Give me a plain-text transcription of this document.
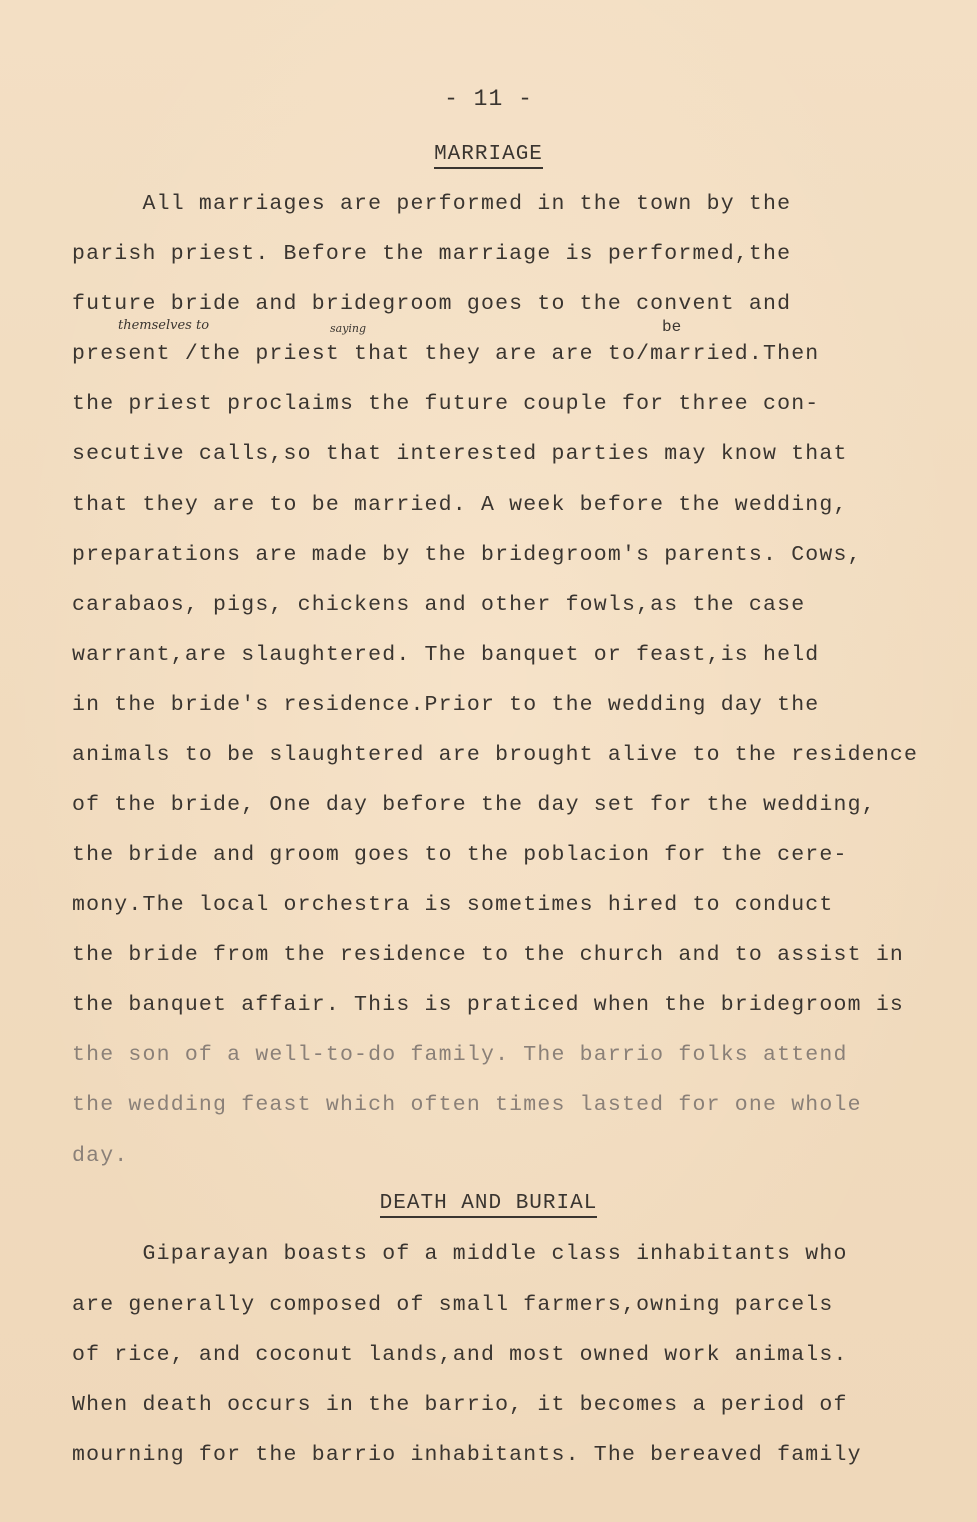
- 11 -
MARRIAGE
All marriages are performed in the town by the
parish priest. Before the marriage is performed,the
future bride and bridegroom goes to the convent and
themselves to	saying	be
present /the priest that they are are to/married.Then
the priest proclaims the future couple for three con-
secutive calls,so that interested parties may know that
that they are to be married. A week before the wedding,
preparations are made by the bridegroom's parents. Cows,
carabaos, pigs, chickens and other fowls,as the case
warrant,are slaughtered. The banquet or feast,is held
in the bride's residence.Prior to the wedding day the
animals to be slaughtered are brought alive to the residence
of the bride, One day before the day set for the wedding,
the bride and groom goes to the poblacion for the cere-
mony.The local orchestra is sometimes hired to conduct
the bride from the residence to the church and to assist in
the banquet affair. This is praticed when the bridegroom is
the son of a well-to-do family. The barrio folks attend
the wedding feast which often times lasted for one whole
day.
DEATH AND BURIAL
Giparayan boasts of a middle class inhabitants who
are generally composed of small farmers,owning parcels
of rice, and coconut lands,and most owned work animals.
When death occurs in the barrio, it becomes a period of
mourning for the barrio inhabitants. The bereaved family
